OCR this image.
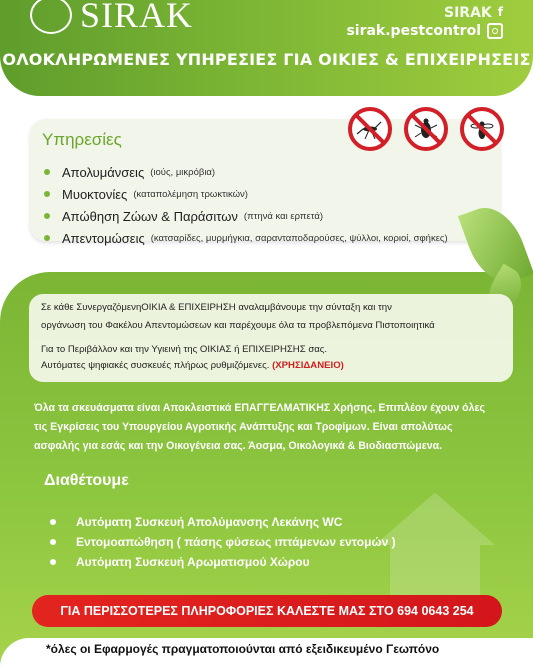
SIRAK	SIRAK f
sirak.pestcontrol
ΟΛΟΚΛΗΡΩΜΕΝΕΣ ΥΠΗΡΕΣΙΕΣ ΓΙΑ ΟΙΚΙΕΣ & ΕΠΙΧΕΙΡΗΣΕΙΣ
Υπηρεσίες
Απολυμάνσεις (ιούς, μικρόβια)
Μυοκτονίες (καταπολέμηση τρωκτικών)
Απώθηση Ζώων & Παράσιτων (πτηνά και ερπετά)
Απεντομώσεις (κατσαρίδες, μυρμήγκια, σαρανταποδαρούσες, ψύλλοι, κοριοί, σφήκες)

Σε κάθε ΣυνεργαζόμενηΟΙΚΙΑ & ΕΠΙΧΕΙΡΗΣΗ αναλαμβάνουμε την σύνταξη και την

οργάνωση του Φακέλου Απεντομώσεων και παρέχουμε όλα τα προβλεπόμενα Πιστοποιητικά

Για το Περιβάλλον και την Υγιεινή της ΟΙΚΙΑΣ ή ΕΠΙΧΕΙΡΗΣΗΣ σας.

Αυτόματες ψηφιακές συσκευές πλήρως ρυθμιζόμενες. (ΧΡΗΣΙΔΑΝΕΙΟ)

Όλα τα σκευάσματα είναι Αποκλειστικά ΕΠΑΓΓΕΛΜΑΤΙΚΗΣ Χρήσης, Επιπλέον έχουν όλες
τις Εγκρίσεις του Υπουργείου Αγροτικής Ανάπτυξης και Τροφίμων. Είναι απολύτως
ασφαλής για εσάς και την Οικογένεια σας. Άοσμα, Οικολογικά & Βιοδιασπώμενα.
Διαθέτουμε
Αυτόματη Συσκευή Απολύμανσης Λεκάνης WC
Εντομοαπώθηση ( πάσης φύσεως ιπτάμενων εντομών )
Αυτόματη Συσκευή Αρωματισμού Χώρου
ΓΙΑ ΠΕΡΙΣΣΟΤΕΡΕΣ ΠΛΗΡΟΦΟΡΙΕΣ ΚΑΛΕΣΤΕ ΜΑΣ ΣΤΟ 694 0643 254
*όλες οι Εφαρμογές πραγματοποιούνται από εξειδικευμένο Γεωπόνο
